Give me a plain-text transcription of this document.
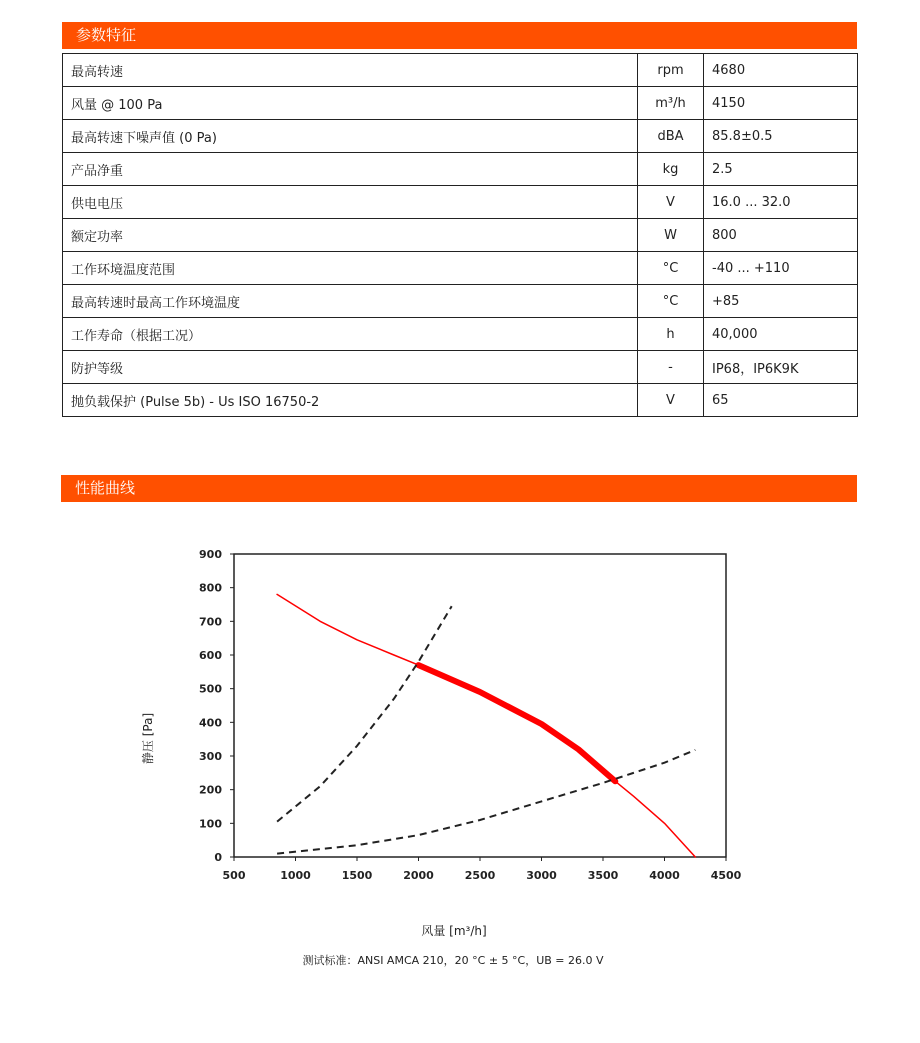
参数特征
最高转速	rpm	4680
风量 @ 100 Pa	m³/h	4150
最高转速下噪声值 (0 Pa)	dBA	85.8±0.5
产品净重	kg	2.5
供电电压	V	16.0 ... 32.0
额定功率	W	800
工作环境温度范围	°C	-40 ... +110
最高转速时最高工作环境温度	°C	+85
工作寿命（根据工况）	h	40,000
防护等级	-	IP68，IP6K9K
抛负载保护 (Pulse 5b) - Us ISO 16750-2	V	65
性能曲线
500	1000	1500	2000	2500	3000	3500	4000	4500
0
100
200
300
400
500
600
700
800
900
风量 [m³/h]
静压 [Pa]
测试标准：ANSI AMCA 210，20 °C ± 5 °C，UB = 26.0 V
